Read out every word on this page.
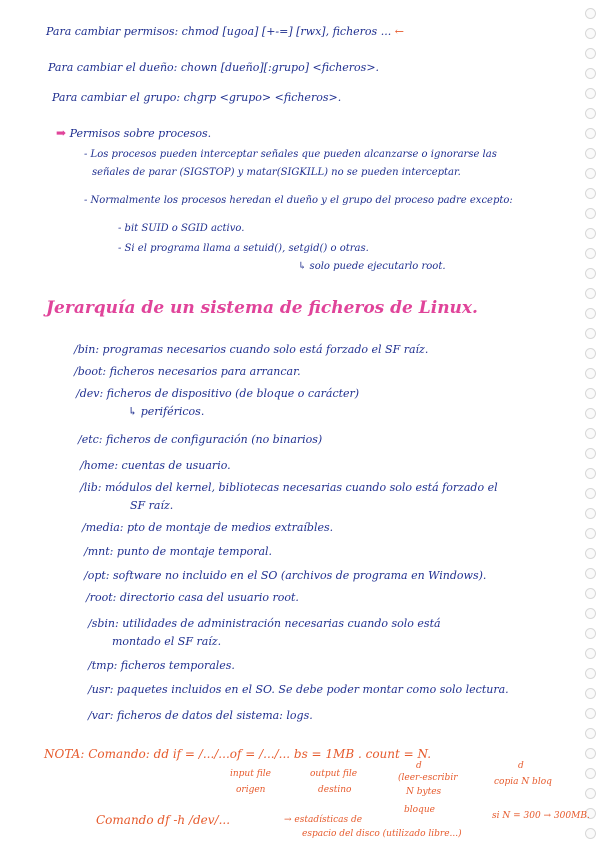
Para cambiar permisos: chmod [ugoa] [+-=] [rwx], ficheros ... ←
Para cambiar el dueño: chown [dueño][:grupo] <ficheros>.
Para cambiar el grupo: chgrp <grupo> <ficheros>.
➡ Permisos sobre procesos.
- Los procesos pueden interceptar señales que pueden alcanzarse o ignorarse las
señales de parar (SIGSTOP) y matar(SIGKILL) no se pueden interceptar.
- Normalmente los procesos heredan el dueño y el grupo del proceso padre excepto:
- bit SUID o SGID activo.
- Si el programa llama a setuid(), setgid() o otras.
↳ solo puede ejecutarlo root.
Jerarquía de un sistema de ficheros de Linux.
/bin: programas necesarios cuando solo está forzado el SF raíz.
/boot: ficheros necesarios para arrancar.
/dev: ficheros de dispositivo (de bloque o carácter)
↳ periféricos.
/etc: ficheros de configuración (no binarios)
/home: cuentas de usuario.
/lib: módulos del kernel, bibliotecas necesarias cuando solo está forzado el
SF raíz.
/media: pto de montaje de medios extraíbles.
/mnt: punto de montaje temporal.
/opt: software no incluido en el SO (archivos de programa en Windows).
/root: directorio casa del usuario root.
/sbin: utilidades de administración necesarias cuando solo está
montado el SF raíz.
/tmp: ficheros temporales.
/usr: paquetes incluidos en el SO. Se debe poder montar como solo lectura.
/var: ficheros de datos del sistema: logs.
NOTA: Comando: dd if = /.../...of = /.../... bs = 1MB . count = N.
input file
origen
output file
destino
d
(leer-escribir
N bytes
d
copia N bloq
bloque
si N = 300 → 300MB.
Comando df -h /dev/...	→ estadísticas de
espacio del disco (utilizado libre...)
